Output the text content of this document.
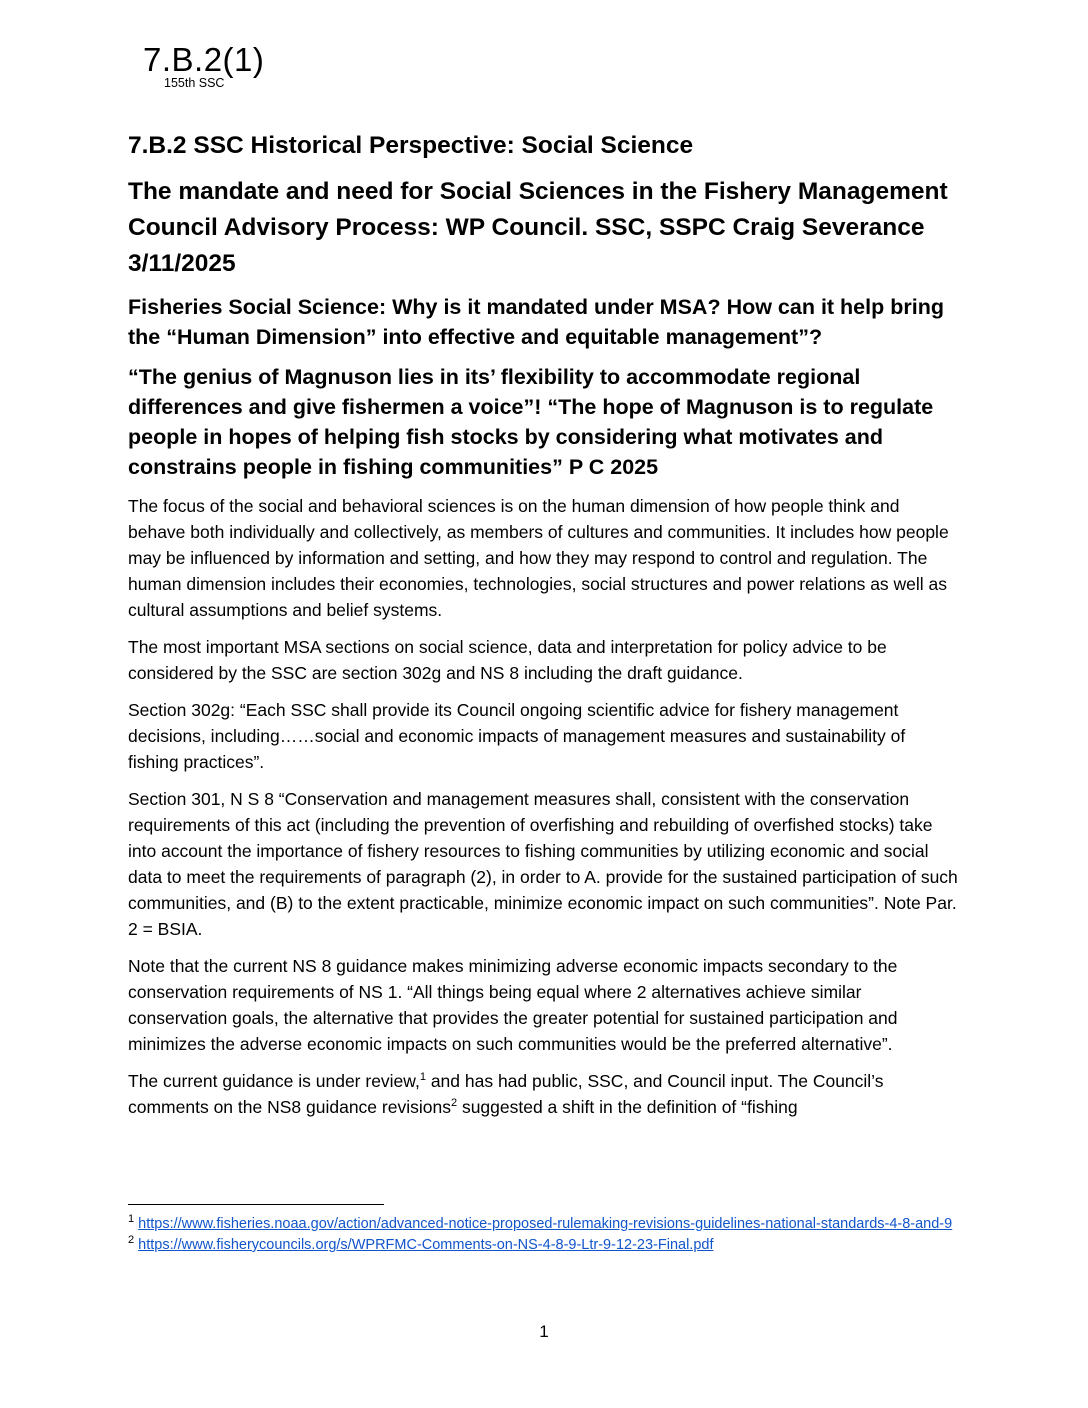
7.B.2(1)
155th SSC
7.B.2 SSC Historical Perspective: Social Science
The mandate and need for Social Sciences in the Fishery Management Council Advisory Process: WP Council. SSC, SSPC Craig Severance 3/11/2025
Fisheries Social Science: Why is it mandated under MSA? How can it help bring the “Human Dimension” into effective and equitable management”?
“The genius of Magnuson lies in its’ flexibility to accommodate regional differences and give fishermen a voice”! “The hope of Magnuson is to regulate people in hopes of helping fish stocks by considering what motivates and constrains people in fishing communities” P C 2025

The focus of the social and behavioral sciences is on the human dimension of how people think and behave both individually and collectively, as members of cultures and communities. It includes how people may be influenced by information and setting, and how they may respond to control and regulation. The human dimension includes their economies, technologies, social structures and power relations as well as cultural assumptions and belief systems.

The most important MSA sections on social science, data and interpretation for policy advice to be considered by the SSC are section 302g and NS 8 including the draft guidance.

Section 302g: “Each SSC shall provide its Council ongoing scientific advice for fishery management decisions, including……social and economic impacts of management measures and sustainability of fishing practices”.

Section 301, N S 8 “Conservation and management measures shall, consistent with the conservation requirements of this act (including the prevention of overfishing and rebuilding of overfished stocks) take into account the importance of fishery resources to fishing communities by utilizing economic and social data to meet the requirements of paragraph (2), in order to A. provide for the sustained participation of such communities, and (B) to the extent practicable, minimize economic impact on such communities”. Note Par. 2 = BSIA.

Note that the current NS 8 guidance makes minimizing adverse economic impacts secondary to the conservation requirements of NS 1. “All things being equal where 2 alternatives achieve similar conservation goals, the alternative that provides the greater potential for sustained participation and minimizes the adverse economic impacts on such communities would be the preferred alternative”.

The current guidance is under review,$^1$ and has had public, SSC, and Council input. The Council’s comments on the NS8 guidance revisions$^2$ suggested a shift in the definition of “fishing

$^1$ https://www.fisheries.noaa.gov/action/advanced-notice-proposed-rulemaking-revisions-guidelines-national-standards-4-8-and-9

$^2$ https://www.fisherycouncils.org/s/WPRFMC-Comments-on-NS-4-8-9-Ltr-9-12-23-Final.pdf

1
